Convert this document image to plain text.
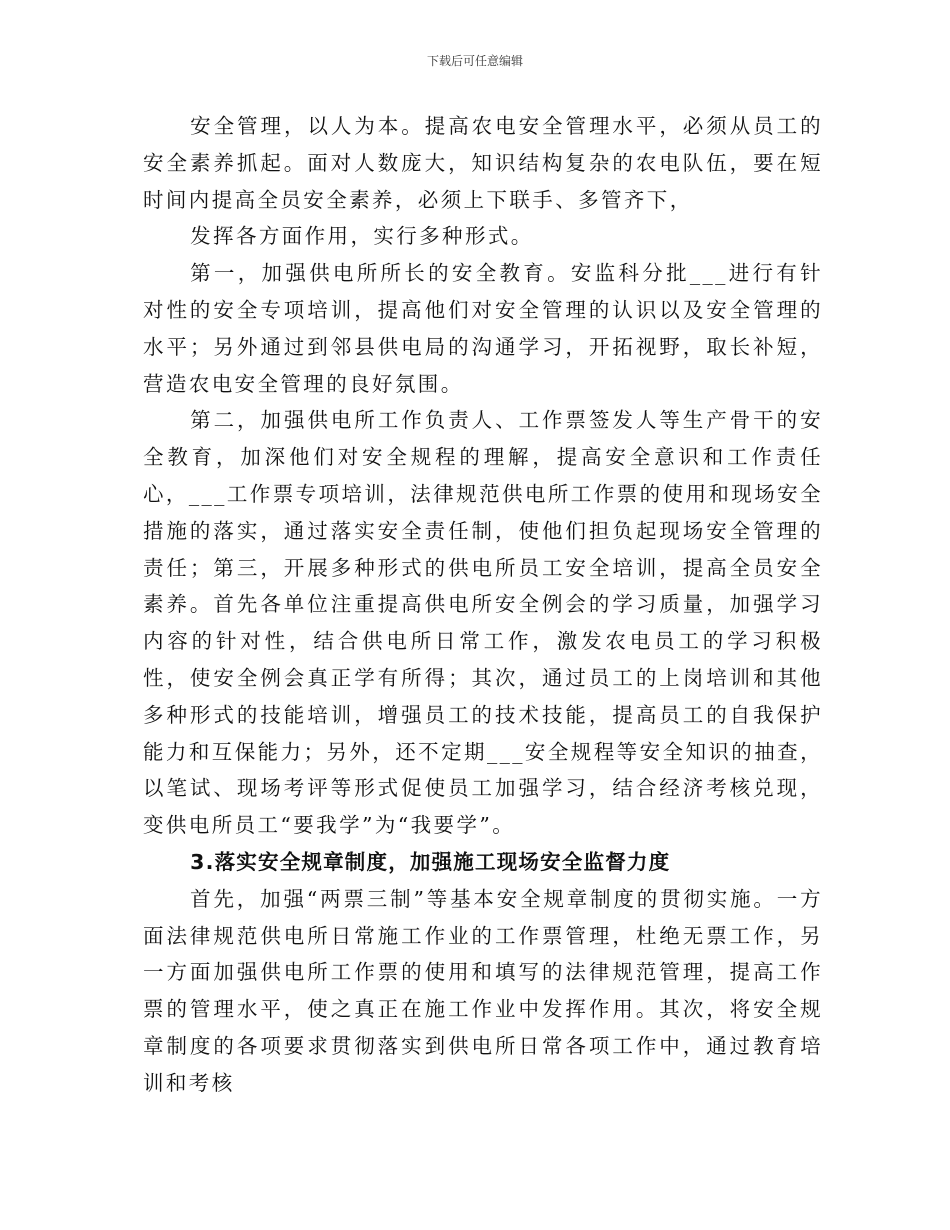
下载后可任意编辑

安全管理，以人为本。提高农电安全管理水平，必须从员工的安全素养抓起。面对人数庞大，知识结构复杂的农电队伍，要在短时间内提高全员安全素养，必须上下联手、多管齐下，

发挥各方面作用，实行多种形式。

第一，加强供电所所长的安全教育。安监科分批___进行有针对性的安全专项培训，提高他们对安全管理的认识以及安全管理的水平；另外通过到邻县供电局的沟通学习，开拓视野，取长补短，营造农电安全管理的良好氛围。

第二，加强供电所工作负责人、工作票签发人等生产骨干的安全教育，加深他们对安全规程的理解，提高安全意识和工作责任心，___工作票专项培训，法律规范供电所工作票的使用和现场安全措施的落实，通过落实安全责任制，使他们担负起现场安全管理的责任；第三，开展多种形式的供电所员工安全培训，提高全员安全素养。首先各单位注重提高供电所安全例会的学习质量，加强学习内容的针对性，结合供电所日常工作，激发农电员工的学习积极性，使安全例会真正学有所得；其次，通过员工的上岗培训和其他多种形式的技能培训，增强员工的技术技能，提高员工的自我保护能力和互保能力；另外，还不定期___安全规程等安全知识的抽查，以笔试、现场考评等形式促使员工加强学习，结合经济考核兑现，变供电所员工“要我学”为“我要学”。

3.落实安全规章制度，加强施工现场安全监督力度

首先，加强“两票三制”等基本安全规章制度的贯彻实施。一方面法律规范供电所日常施工作业的工作票管理，杜绝无票工作，另一方面加强供电所工作票的使用和填写的法律规范管理，提高工作票的管理水平，使之真正在施工作业中发挥作用。其次，将安全规章制度的各项要求贯彻落实到供电所日常各项工作中，通过教育培训和考核
